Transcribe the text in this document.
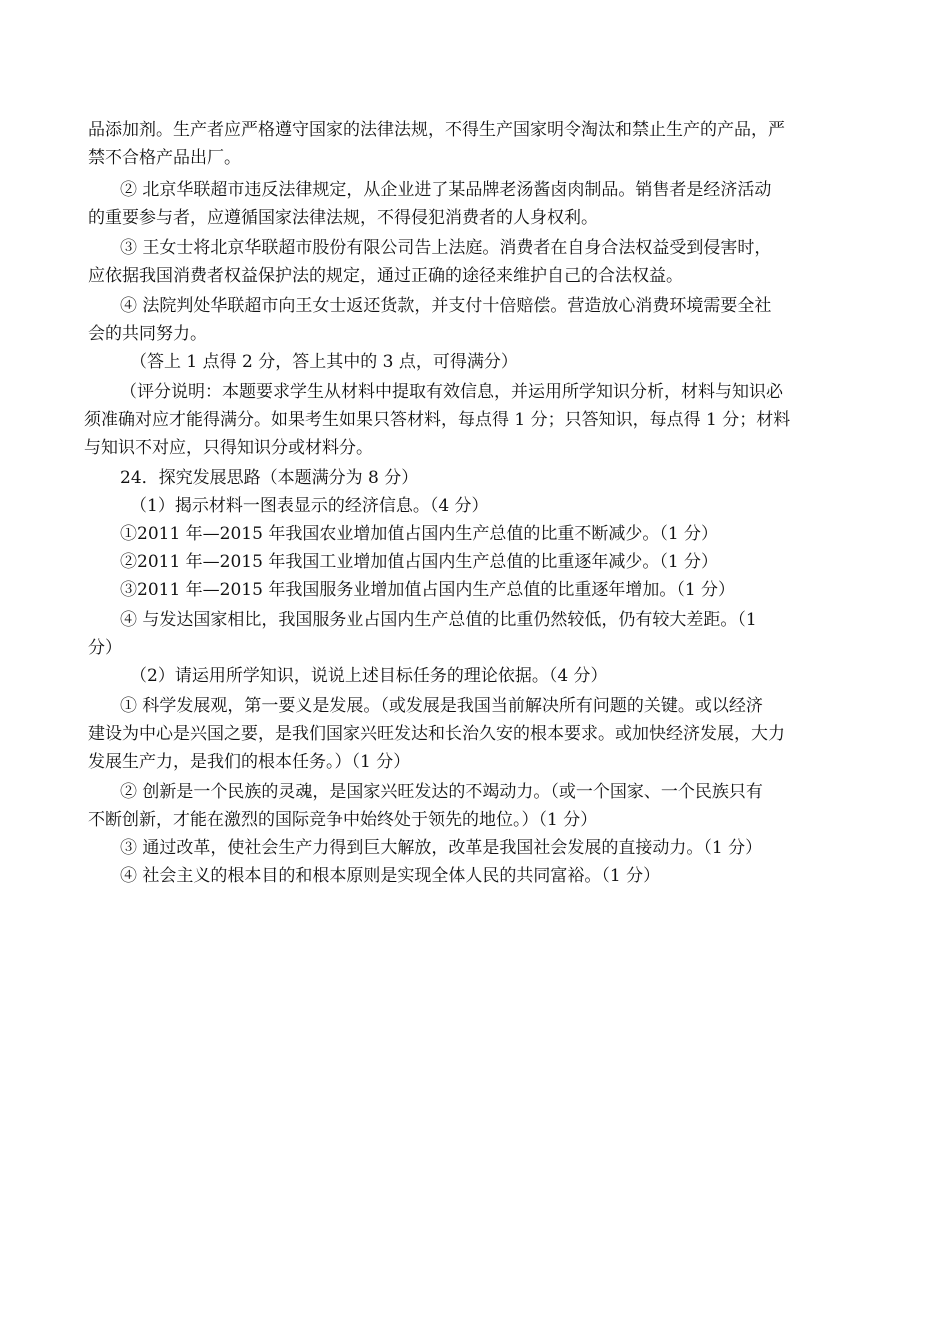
品添加剂。生产者应严格遵守国家的法律法规，不得生产国家明令淘汰和禁止生产的产品，严
禁不合格产品出厂。
② 北京华联超市违反法律规定，从企业进了某品牌老汤酱卤肉制品。销售者是经济活动
的重要参与者，应遵循国家法律法规，不得侵犯消费者的人身权利。
③ 王女士将北京华联超市股份有限公司告上法庭。消费者在自身合法权益受到侵害时，
应依据我国消费者权益保护法的规定，通过正确的途径来维护自己的合法权益。
④ 法院判处华联超市向王女士返还货款，并支付十倍赔偿。营造放心消费环境需要全社
会的共同努力。
（答上 1 点得 2 分，答上其中的 3 点，可得满分）
（评分说明：本题要求学生从材料中提取有效信息，并运用所学知识分析，材料与知识必
须准确对应才能得满分。如果考生如果只答材料，每点得 1 分；只答知识，每点得 1 分；材料
与知识不对应，只得知识分或材料分。
24．探究发展思路（本题满分为 8 分）
（1）揭示材料一图表显示的经济信息。（4 分）
①2011 年—2015 年我国农业增加值占国内生产总值的比重不断减少。（1 分）
②2011 年—2015 年我国工业增加值占国内生产总值的比重逐年减少。（1 分）
③2011 年—2015 年我国服务业增加值占国内生产总值的比重逐年增加。（1 分）
④ 与发达国家相比，我国服务业占国内生产总值的比重仍然较低，仍有较大差距。（1
分）
（2）请运用所学知识，说说上述目标任务的理论依据。（4 分）
① 科学发展观，第一要义是发展。（或发展是我国当前解决所有问题的关键。或以经济
建设为中心是兴国之要，是我们国家兴旺发达和长治久安的根本要求。或加快经济发展，大力
发展生产力，是我们的根本任务。）（1 分）
② 创新是一个民族的灵魂，是国家兴旺发达的不竭动力。（或一个国家、一个民族只有
不断创新，才能在激烈的国际竞争中始终处于领先的地位。）（1 分）
③ 通过改革，使社会生产力得到巨大解放，改革是我国社会发展的直接动力。（1 分）
④ 社会主义的根本目的和根本原则是实现全体人民的共同富裕。（1 分）
